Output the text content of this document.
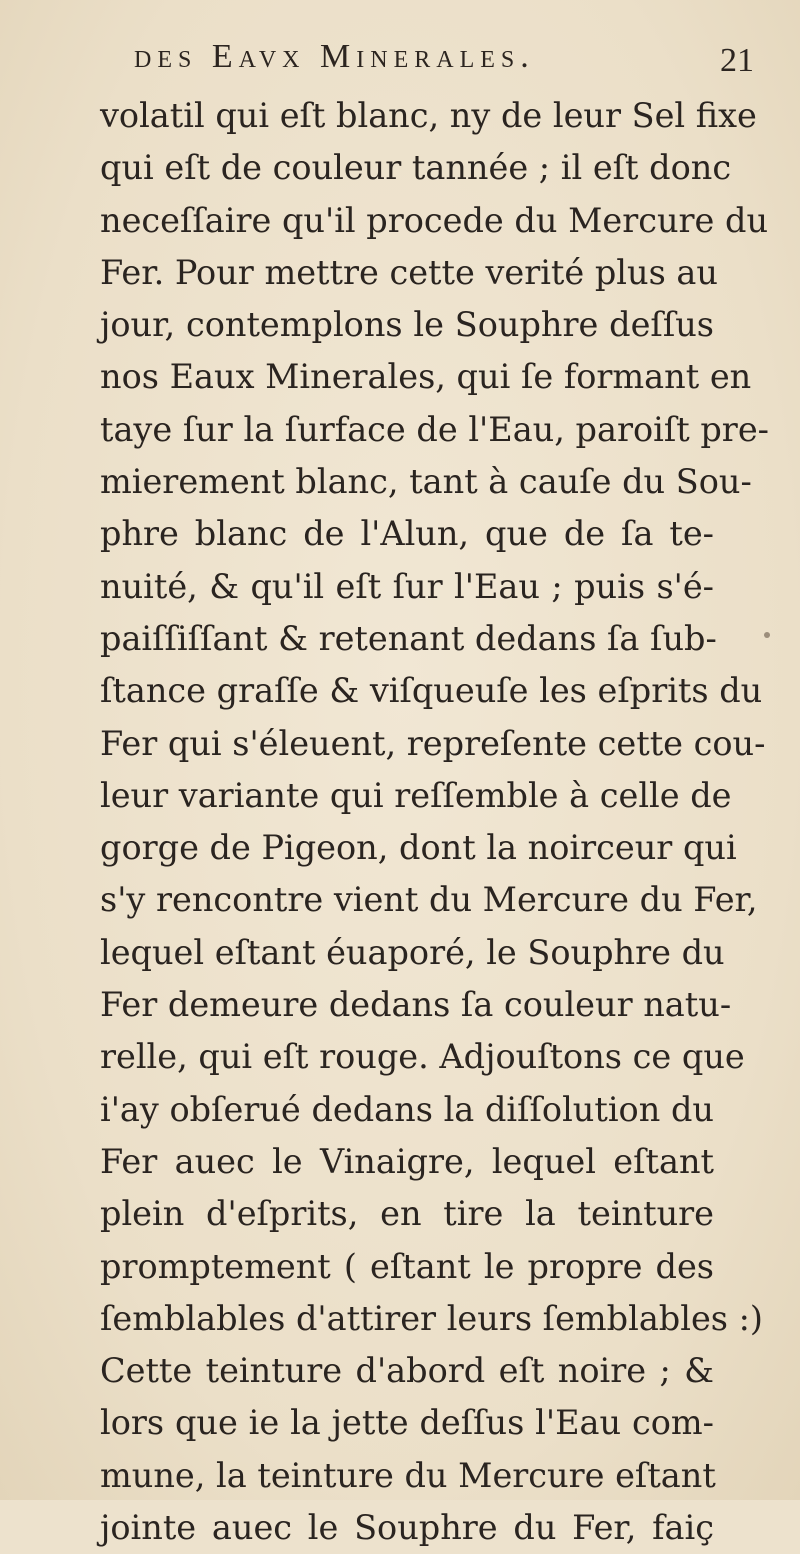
des Eavx Minerales.	21
volatil qui eſt blanc, ny de leur Sel fixe
qui eſt de couleur tannée ; il eſt donc
neceſſaire qu'il procede du Mercure du
Fer. Pour mettre cette verité plus au
jour, contemplons le Souphre deſſus
nos Eaux Minerales, qui ſe formant en
taye ſur la ſurface de l'Eau, paroiſt pre-
mierement blanc, tant à cauſe du Sou-
phre blanc de l'Alun, que de ſa te-
nuité, & qu'il eſt ſur l'Eau ; puis s'é-
paiſſiſſant & retenant dedans ſa ſub-
ſtance graſſe & viſqueuſe les eſprits du
Fer qui s'éleuent, repreſente cette cou-
leur variante qui reſſemble à celle de
gorge de Pigeon, dont la noirceur qui
s'y rencontre vient du Mercure du Fer,
lequel eſtant éuaporé, le Souphre du
Fer demeure dedans ſa couleur natu-
relle, qui eſt rouge. Adjouſtons ce que
i'ay obſerué dedans la diſſolution du
Fer auec le Vinaigre, lequel eſtant
plein d'eſprits, en tire la teinture
promptement ( eſtant le propre des
ſemblables d'attirer leurs ſemblables :)
Cette teinture d'abord eſt noire ; &
lors que ie la jette deſſus l'Eau com-
mune, la teinture du Mercure eſtant
jointe auec le Souphre du Fer, faiç
